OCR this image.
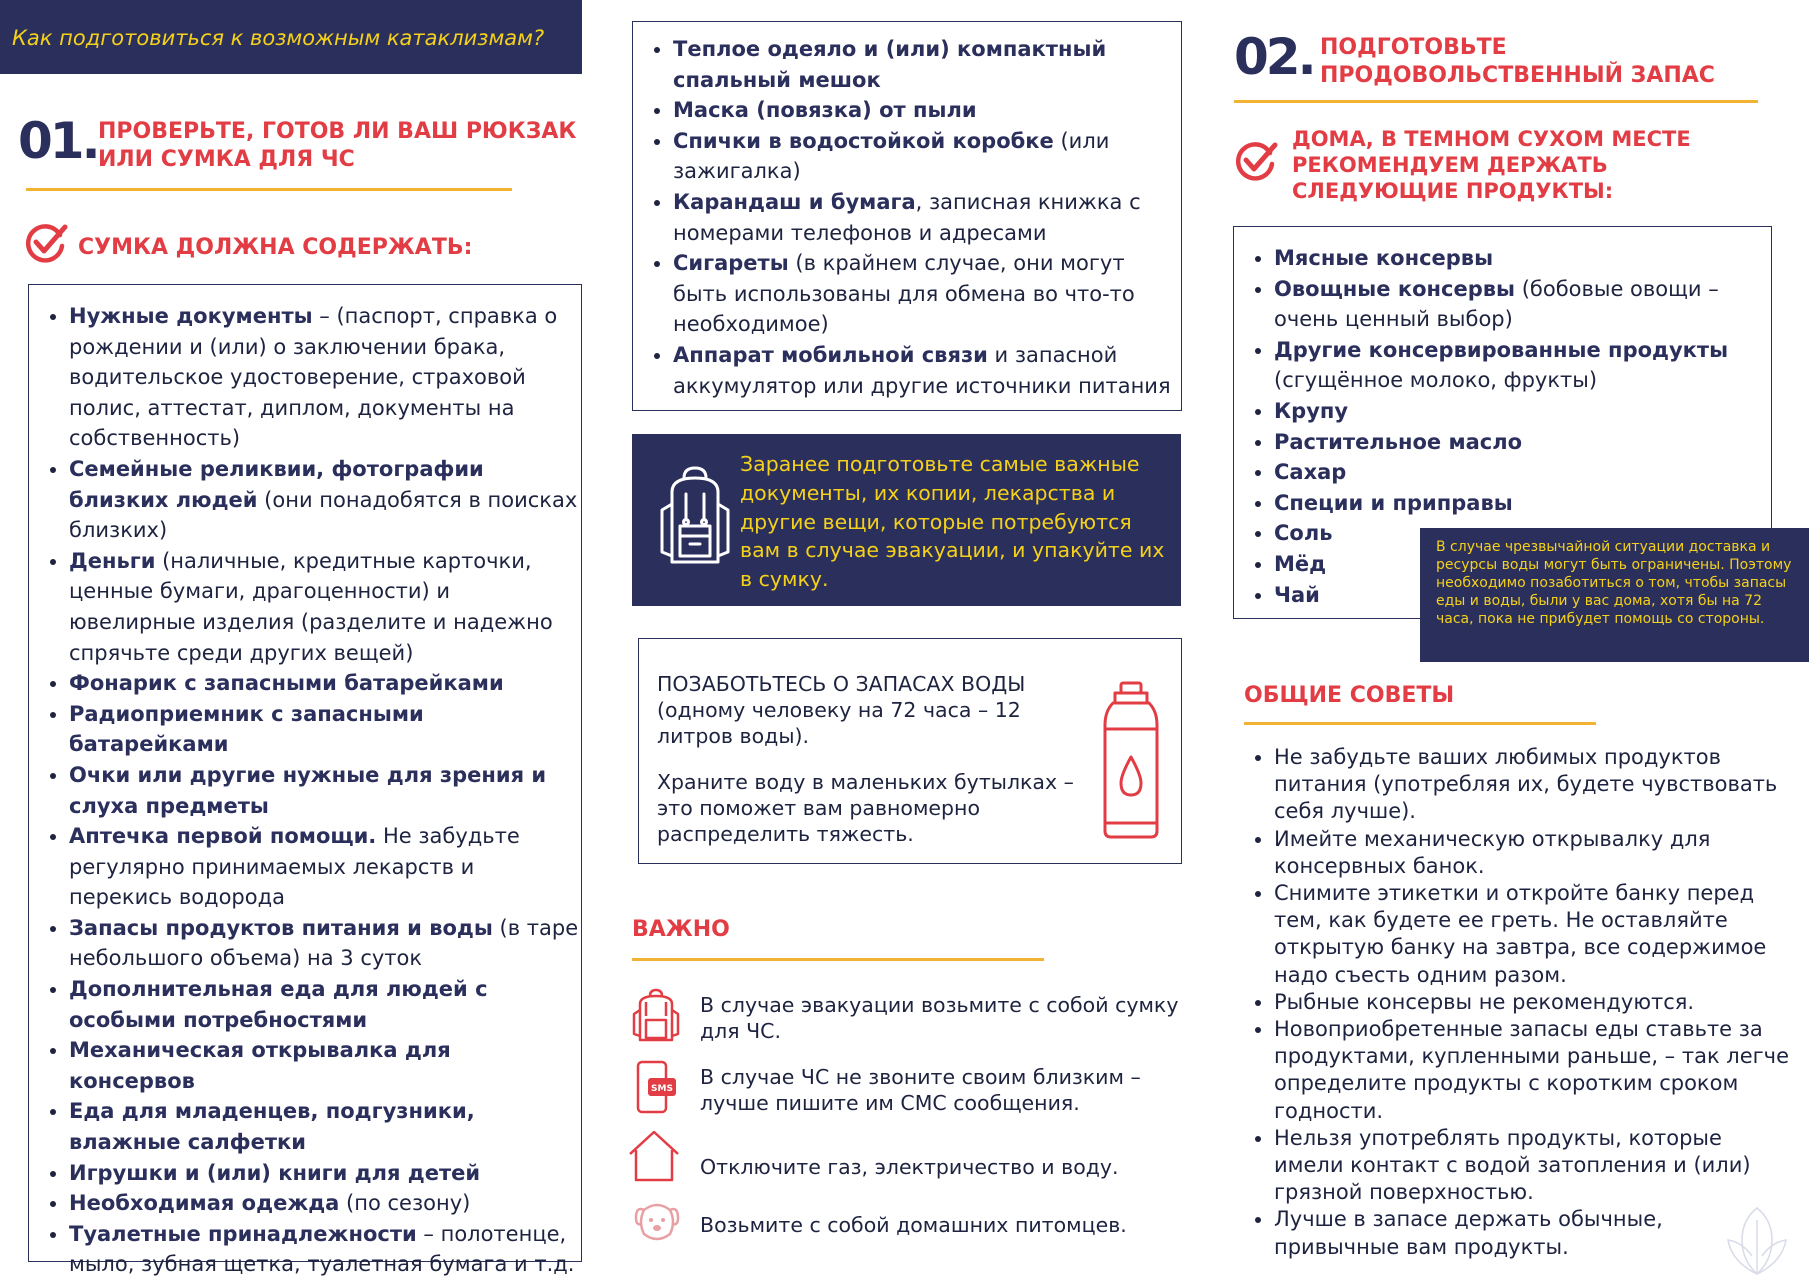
Как подготовиться к возможным катаклизмам?
01. ПРОВЕРЬТЕ, ГОТОВ ЛИ ВАШ РЮКЗАК
ИЛИ СУМКА ДЛЯ ЧС
СУМКА ДОЛЖНА СОДЕРЖАТЬ:
• Нужные документы – (паспорт, справка о рождении и (или) о заключении брака, водительское удостоверение, страховой полис, аттестат, диплом, документы на собственность)
• Семейные реликвии, фотографии близких людей (они понадобятся в поисках близких)
• Деньги (наличные, кредитные карточки, ценные бумаги, драгоценности) и ювелирные изделия (разделите и надежно спрячьте среди других вещей)
• Фонарик с запасными батарейками
• Радиоприемник с запасными батарейками
• Очки или другие нужные для зрения и слуха предметы
• Аптечка первой помощи. Не забудьте регулярно принимаемых лекарств и перекись водорода
• Запасы продуктов питания и воды (в таре небольшого объема) на 3 суток
• Дополнительная еда для людей с особыми потребностями
• Механическая открывалка для консервов
• Еда для младенцев, подгузники, влажные салфетки
• Игрушки и (или) книги для детей
• Необходимая одежда (по сезону)
• Туалетные принадлежности – полотенце, мыло, зубная щетка, туалетная бумага и т.д.
• Теплое одеяло и (или) компактный спальный мешок
• Маска (повязка) от пыли
• Спички в водостойкой коробке (или зажигалка)
• Карандаш и бумага, записная книжка с номерами телефонов и адресами
• Сигареты (в крайнем случае, они могут быть использованы для обмена во что-то необходимое)
• Аппарат мобильной связи и запасной аккумулятор или другие источники питания
Заранее подготовьте самые важные документы, их копии, лекарства и другие вещи, которые потребуются вам в случае эвакуации, и упакуйте их в сумку.
ПОЗАБОТЬТЕСЬ О ЗАПАСАХ ВОДЫ (одному человеку на 72 часа – 12 литров воды).
Храните воду в маленьких бутылках – это поможет вам равномерно распределить тяжесть.
ВАЖНО
В случае эвакуации возьмите с собой сумку для ЧС.
SMS В случае ЧС не звоните своим близким – лучше пишите им СМС сообщения.
Отключите газ, электричество и воду.
Возьмите с собой домашних питомцев.
02. ПОДГОТОВЬТЕ
ПРОДОВОЛЬСТВЕННЫЙ ЗАПАС
ДОМА, В ТЕМНОМ СУХОМ МЕСТЕ РЕКОМЕНДУЕМ ДЕРЖАТЬ СЛЕДУЮЩИЕ ПРОДУКТЫ:
• Мясные консервы
• Овощные консервы (бобовые овощи – очень ценный выбор)
• Другие консервированные продукты (сгущённое молоко, фрукты)
• Крупу
• Растительное масло
• Сахар
• Специи и приправы
• Соль
• Мёд
• Чай
В случае чрезвычайной ситуации доставка и ресурсы воды могут быть ограничены. Поэтому необходимо позаботиться о том, чтобы запасы еды и воды, были у вас дома, хотя бы на 72 часа, пока не прибудет помощь со стороны.
ОБЩИЕ СОВЕТЫ
• Не забудьте ваших любимых продуктов питания (употребляя их, будете чувствовать себя лучше).
• Имейте механическую открывалку для консервных банок.
• Снимите этикетки и откройте банку перед тем, как будете ее греть. Не оставляйте открытую банку на завтра, все содержимое надо съесть одним разом.
• Рыбные консервы не рекомендуются.
• Новоприобретенные запасы еды ставьте за продуктами, купленными раньше, – так легче определите продукты с коротким сроком годности.
• Нельзя употреблять продукты, которые имели контакт с водой затопления и (или) грязной поверхностью.
• Лучше в запасе держать обычные, привычные вам продукты.
